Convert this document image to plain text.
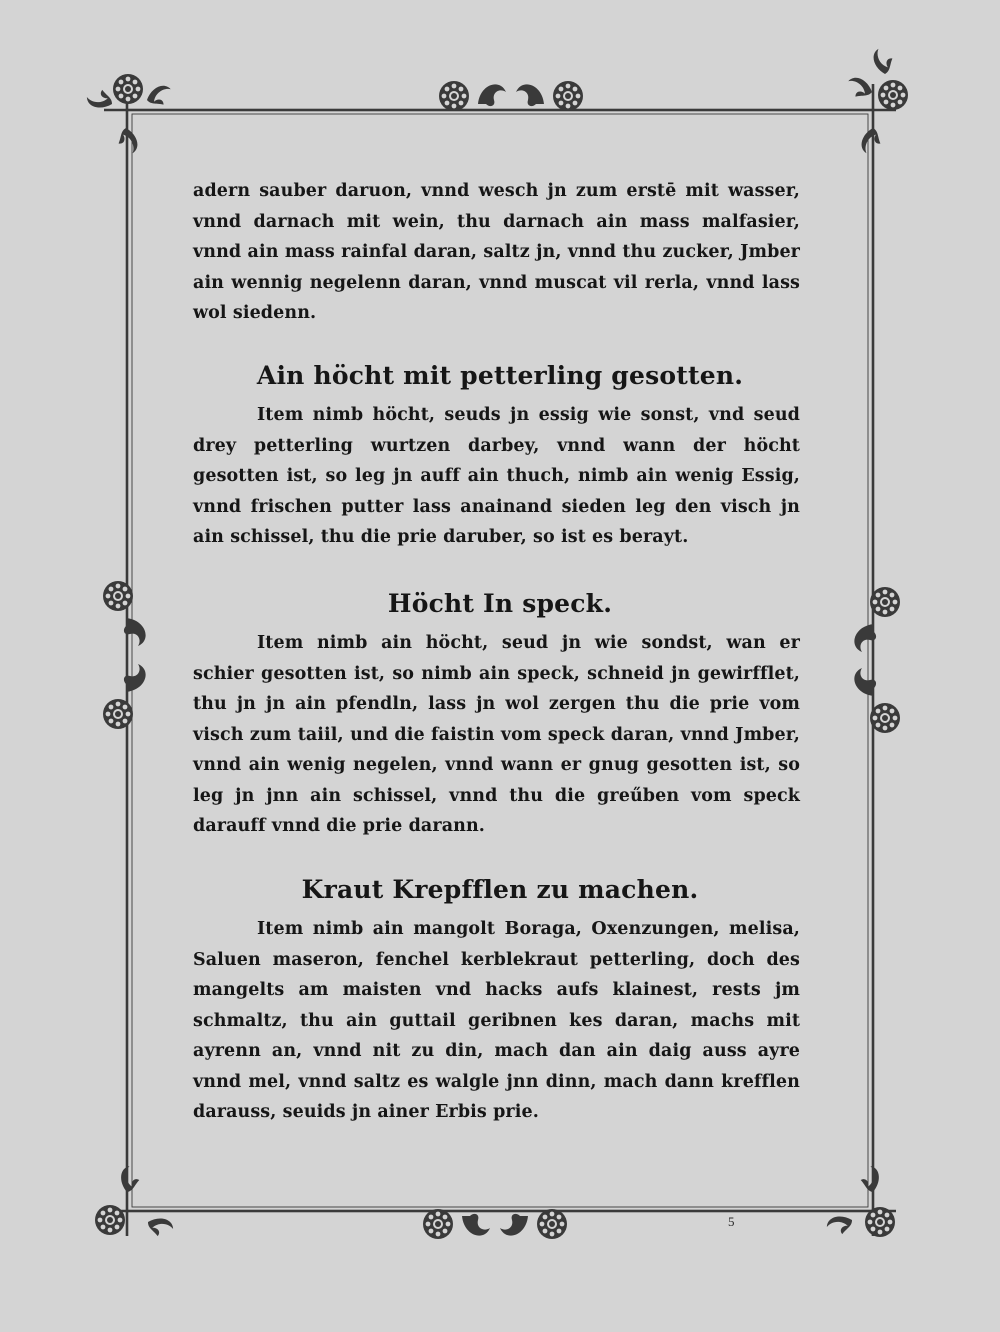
adern sauber daruon, vnnd wesch jn zum erstē mit wasser, vnnd darnach mit wein, thu darnach ain mass malfasier, vnnd ain mass rainfal daran, saltz jn, vnnd thu zucker, Jmber ain wennig negelenn daran, vnnd muscat vil rerla, vnnd lass wol siedenn.

Ain höcht mit petterling gesotten.

Item nimb höcht, seuds jn essig wie sonst, vnd seud drey petterling wurtzen darbey, vnnd wann der höcht gesotten ist, so leg jn auff ain thuch, nimb ain wenig Essig, vnnd frischen putter lass anainand sieden leg den visch jn ain schissel, thu die prie daruber, so ist es berayt.

Höcht In speck.

Item nimb ain höcht, seud jn wie sondst, wan er schier gesotten ist, so nimb ain speck, schneid jn gewirfflet, thu jn jn ain pfendln, lass jn wol zergen thu die prie vom visch zum taiil, und die faistin vom speck daran, vnnd Jmber, vnnd ain wenig negelen, vnnd wann er gnug gesotten ist, so leg jn jnn ain schissel, vnnd thu die greűben vom speck darauff vnnd die prie darann.

Kraut Krepfflen zu machen.

Item nimb ain mangolt Boraga, Oxenzungen, melisa, Saluen maseron, fenchel kerblekraut petterling, doch des mangelts am maisten vnd hacks aufs klainest, rests jm schmaltz, thu ain guttail geribnen kes daran, machs mit ayrenn an, vnnd nit zu din, mach dan ain daig auss ayre vnnd mel, vnnd saltz es walgle jnn dinn, mach dann krefflen darauss, seuids jn ainer Erbis prie.

5
